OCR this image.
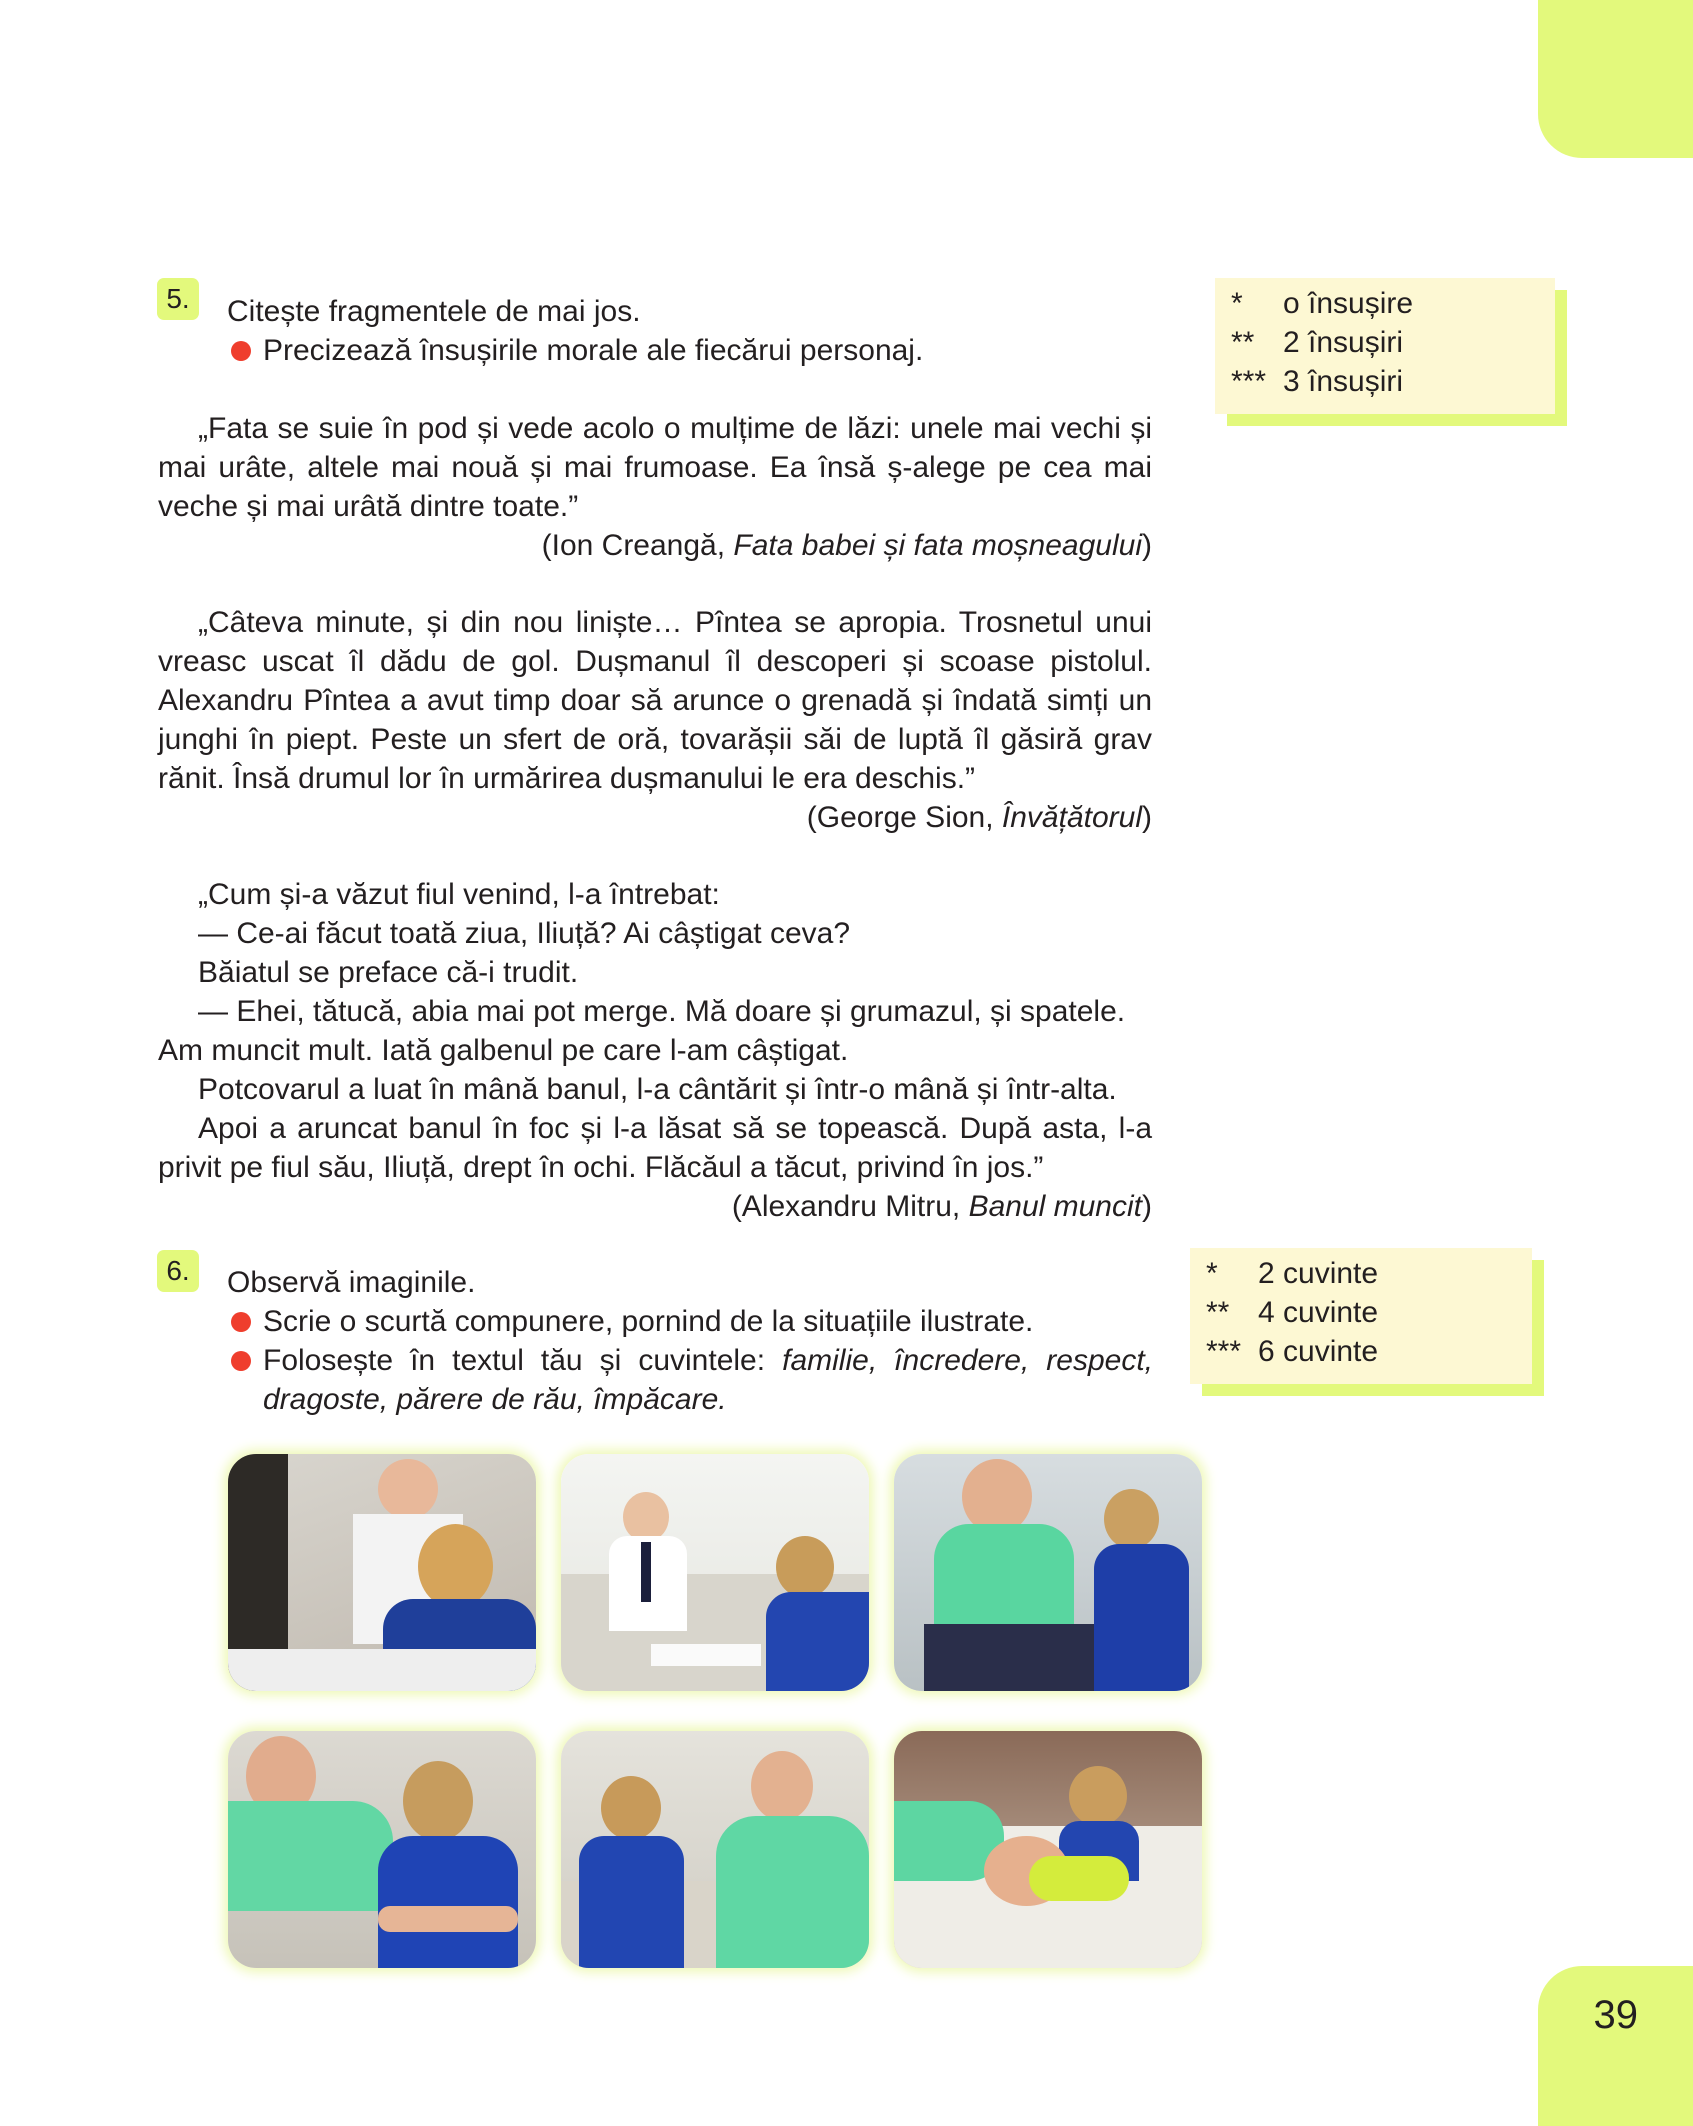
39
5.	Citește fragmentele de mai jos.
Precizează însușirile morale ale fiecărui personaj.
* o însușire
** 2 însușiri
*** 3 însușiri

„Fata se suie în pod și vede acolo o mulțime de lăzi: unele mai vechi și mai urâte, altele mai nouă și mai frumoase. Ea însă ș-alege pe cea mai veche și mai urâtă dintre toate.”

(Ion Creangă, Fata babei și fata moșneagului)

„Câteva minute, și din nou liniște… Pîntea se apropia. Trosnetul unui vreasc uscat îl dădu de gol. Dușmanul îl descoperi și scoase pistolul. Alexandru Pîntea a avut timp doar să arunce o grenadă și îndată simți un junghi în piept. Peste un sfert de oră, tovarășii săi de luptă îl găsiră grav rănit. Însă drumul lor în urmărirea dușmanului le era deschis.”

(George Sion, Învățătorul)

„Cum și-a văzut fiul venind, l-a întrebat:

— Ce-ai făcut toată ziua, Iliuță? Ai câștigat ceva?

Băiatul se preface că-i trudit.

— Ehei, tătucă, abia mai pot merge. Mă doare și grumazul, și spatele.

Am muncit mult. Iată galbenul pe care l-am câștigat.

Potcovarul a luat în mână banul, l-a cântărit și într-o mână și într-alta.

Apoi a aruncat banul în foc și l-a lăsat să se topească. După asta, l-a privit pe fiul său, Iliuță, drept în ochi. Flăcăul a tăcut, privind în jos.”

(Alexandru Mitru, Banul muncit)

6.	Observă imaginile.
Scrie o scurtă compunere, pornind de la situațiile ilustrate.
Folosește în textul tău și cuvintele: familie, încredere, respect, dragoste, părere de rău, împăcare.
* 2 cuvinte
** 4 cuvinte
*** 6 cuvinte
